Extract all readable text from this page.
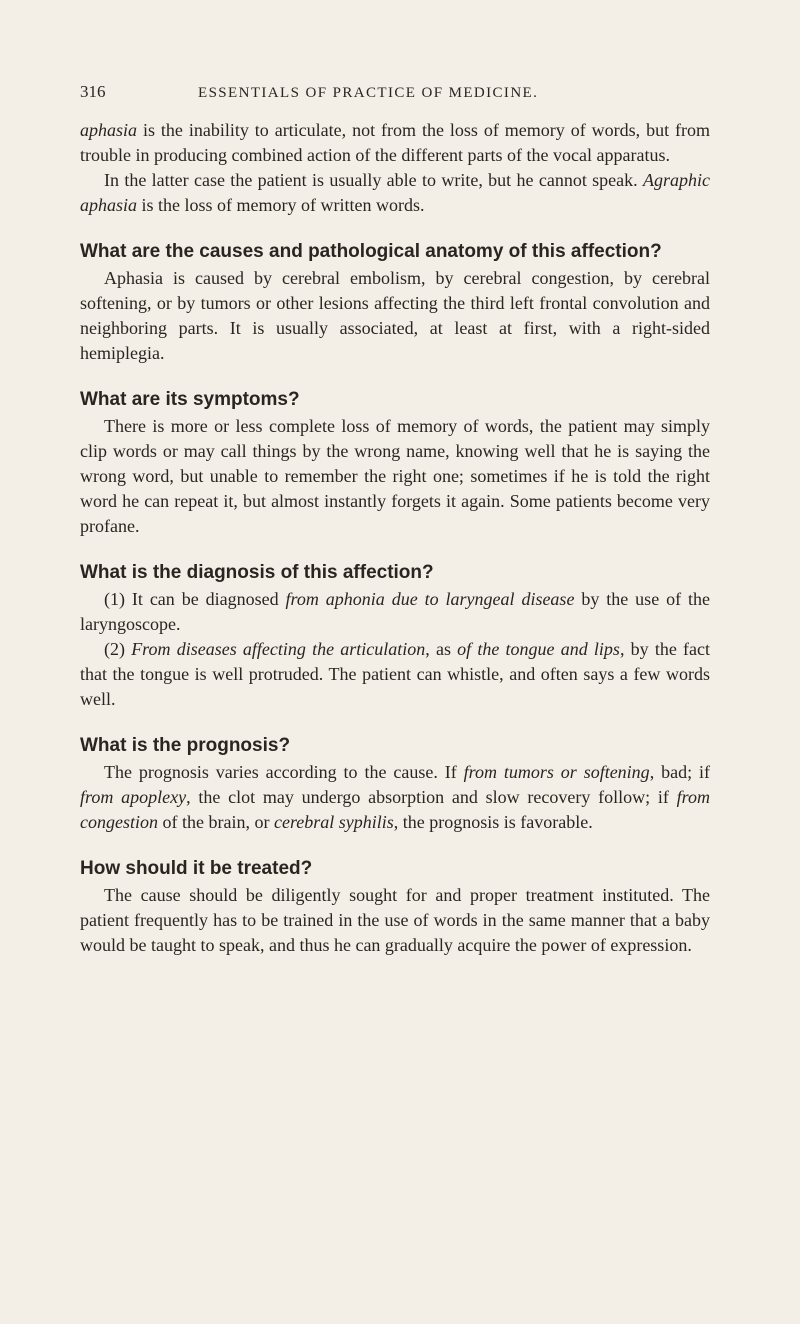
316	ESSENTIALS OF PRACTICE OF MEDICINE.

aphasia is the inability to articulate, not from the loss of memory of words, but from trouble in producing combined action of the different parts of the vocal apparatus.

In the latter case the patient is usually able to write, but he cannot speak. Agraphic aphasia is the loss of memory of written words.

What are the causes and pathological anatomy of this affection?

Aphasia is caused by cerebral embolism, by cerebral congestion, by cerebral softening, or by tumors or other lesions affecting the third left frontal convolution and neighboring parts. It is usually associated, at least at first, with a right-sided hemiplegia.

What are its symptoms?

There is more or less complete loss of memory of words, the patient may simply clip words or may call things by the wrong name, knowing well that he is saying the wrong word, but unable to remember the right one; sometimes if he is told the right word he can repeat it, but almost instantly forgets it again. Some patients become very profane.

What is the diagnosis of this affection?

(1) It can be diagnosed from aphonia due to laryngeal disease by the use of the laryngoscope.

(2) From diseases affecting the articulation, as of the tongue and lips, by the fact that the tongue is well protruded. The patient can whistle, and often says a few words well.

What is the prognosis?

The prognosis varies according to the cause. If from tumors or softening, bad; if from apoplexy, the clot may undergo absorption and slow recovery follow; if from congestion of the brain, or cerebral syphilis, the prognosis is favorable.

How should it be treated?

The cause should be diligently sought for and proper treatment instituted. The patient frequently has to be trained in the use of words in the same manner that a baby would be taught to speak, and thus he can gradually acquire the power of expression.
